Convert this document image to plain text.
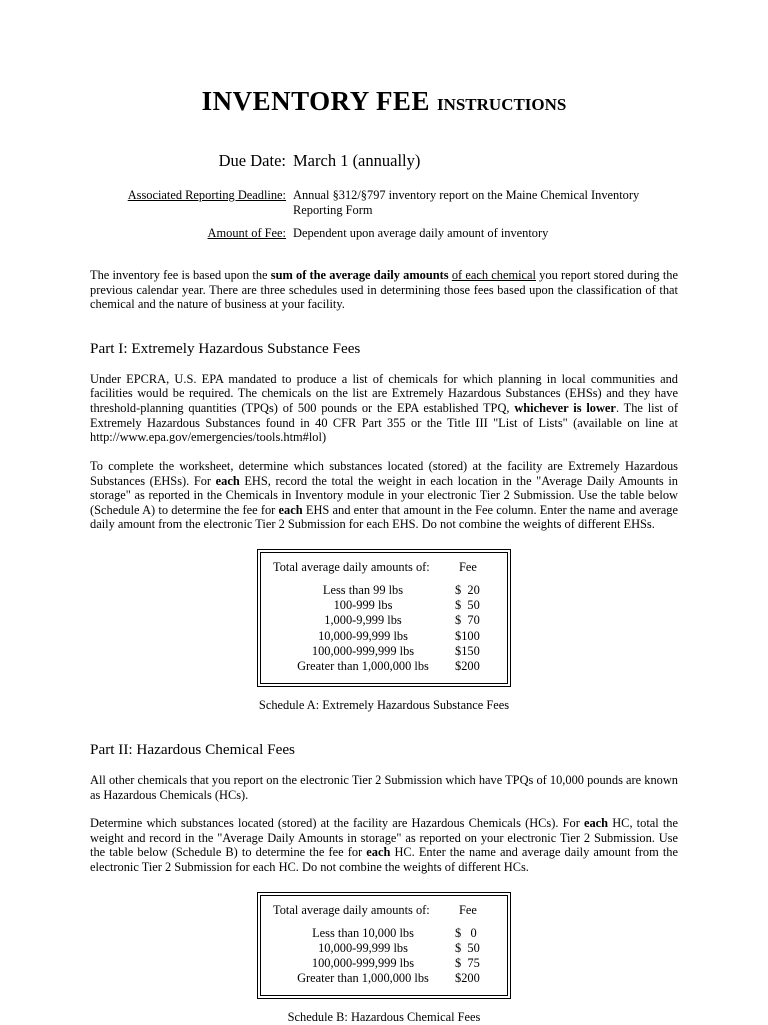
INVENTORY FEE INSTRUCTIONS
Due Date: March 1 (annually)
Associated Reporting Deadline: Annual §312/§797 inventory report on the Maine Chemical Inventory Reporting Form
Amount of Fee: Dependent upon average daily amount of inventory

The inventory fee is based upon the sum of the average daily amounts of each chemical you report stored during the previous calendar year. There are three schedules used in determining those fees based upon the classification of that chemical and the nature of business at your facility.

Part I: Extremely Hazardous Substance Fees

Under EPCRA, U.S. EPA mandated to produce a list of chemicals for which planning in local communities and facilities would be required. The chemicals on the list are Extremely Hazardous Substances (EHSs) and they have threshold-planning quantities (TPQs) of 500 pounds or the EPA established TPQ, whichever is lower. The list of Extremely Hazardous Substances found in 40 CFR Part 355 or the Title III "List of Lists" (available on line at http://www.epa.gov/emergencies/tools.htm#lol)

To complete the worksheet, determine which substances located (stored) at the facility are Extremely Hazardous Substances (EHSs). For each EHS, record the total the weight in each location in the "Average Daily Amounts in storage" as reported in the Chemicals in Inventory module in your electronic Tier 2 Submission. Use the table below (Schedule A) to determine the fee for each EHS and enter that amount in the Fee column. Enter the name and average daily amount from the electronic Tier 2 Submission for each EHS. Do not combine the weights of different EHSs.

Total average daily amounts of:	Fee
Less than 99 lbs	$  20
100-999 lbs	$  50
1,000-9,999 lbs	$  70
10,000-99,999 lbs	$100
100,000-999,999 lbs	$150
Greater than 1,000,000 lbs	$200
Schedule A: Extremely Hazardous Substance Fees
Part II: Hazardous Chemical Fees

All other chemicals that you report on the electronic Tier 2 Submission which have TPQs of 10,000 pounds are known as Hazardous Chemicals (HCs).

Determine which substances located (stored) at the facility are Hazardous Chemicals (HCs). For each HC, total the weight and record in the "Average Daily Amounts in storage" as reported on your electronic Tier 2 Submission. Use the table below (Schedule B) to determine the fee for each HC. Enter the name and average daily amount from the electronic Tier 2 Submission for each HC. Do not combine the weights of different HCs.

Total average daily amounts of:	Fee
Less than 10,000 lbs	$   0
10,000-99,999 lbs	$  50
100,000-999,999 lbs	$  75
Greater than 1,000,000 lbs	$200
Schedule B: Hazardous Chemical Fees
